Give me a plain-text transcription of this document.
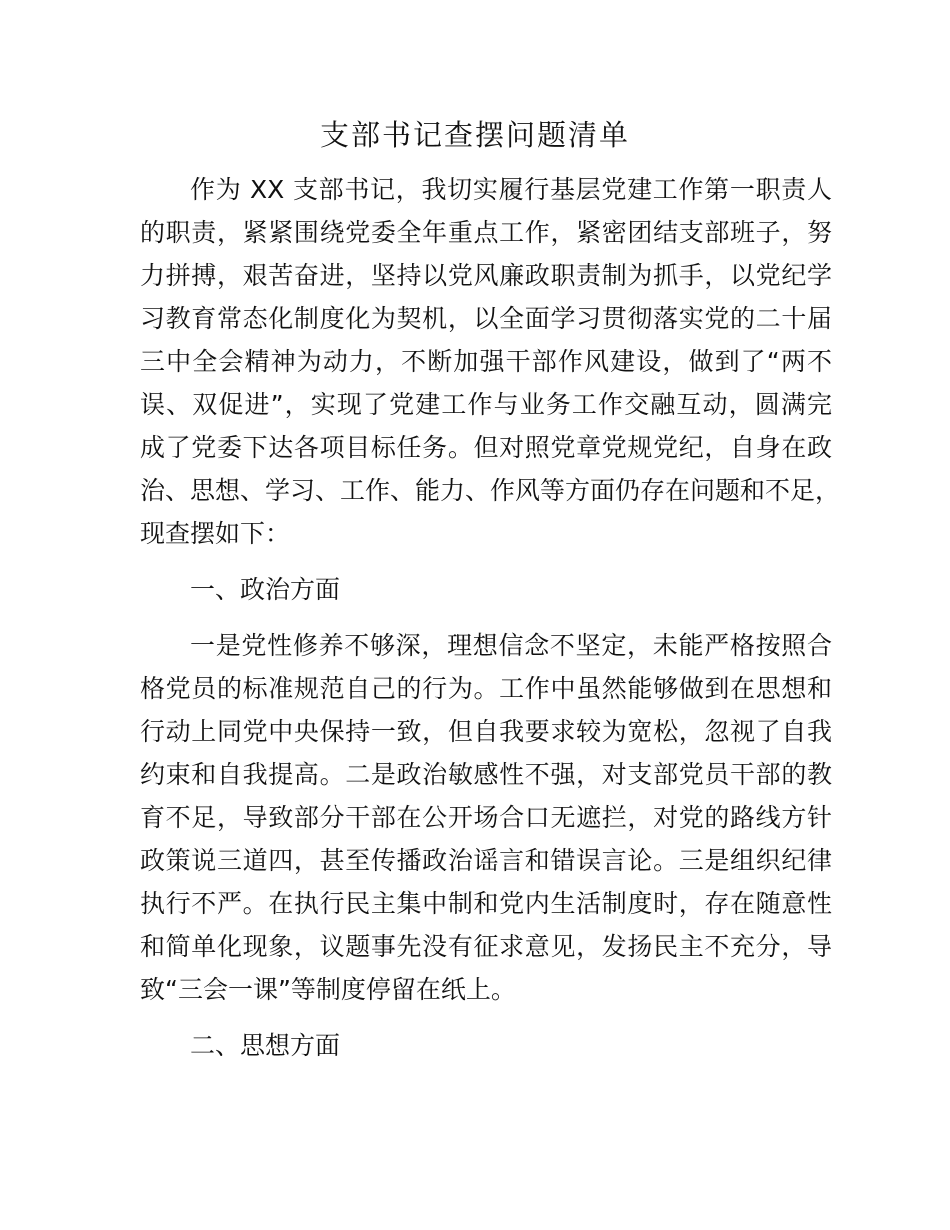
支部书记查摆问题清单
作为 XX 支部书记，我切实履行基层党建工作第一职责人
的职责，紧紧围绕党委全年重点工作，紧密团结支部班子，努
力拼搏，艰苦奋进，坚持以党风廉政职责制为抓手，以党纪学
习教育常态化制度化为契机，以全面学习贯彻落实党的二十届
三中全会精神为动力，不断加强干部作风建设，做到了“两不
误、双促进”，实现了党建工作与业务工作交融互动，圆满完
成了党委下达各项目标任务。但对照党章党规党纪，自身在政
治、思想、学习、工作、能力、作风等方面仍存在问题和不足，
现查摆如下：
一、政治方面
一是党性修养不够深，理想信念不坚定，未能严格按照合
格党员的标准规范自己的行为。工作中虽然能够做到在思想和
行动上同党中央保持一致，但自我要求较为宽松，忽视了自我
约束和自我提高。二是政治敏感性不强，对支部党员干部的教
育不足，导致部分干部在公开场合口无遮拦，对党的路线方针
政策说三道四，甚至传播政治谣言和错误言论。三是组织纪律
执行不严。在执行民主集中制和党内生活制度时，存在随意性
和简单化现象，议题事先没有征求意见，发扬民主不充分，导
致“三会一课”等制度停留在纸上。
二、思想方面
